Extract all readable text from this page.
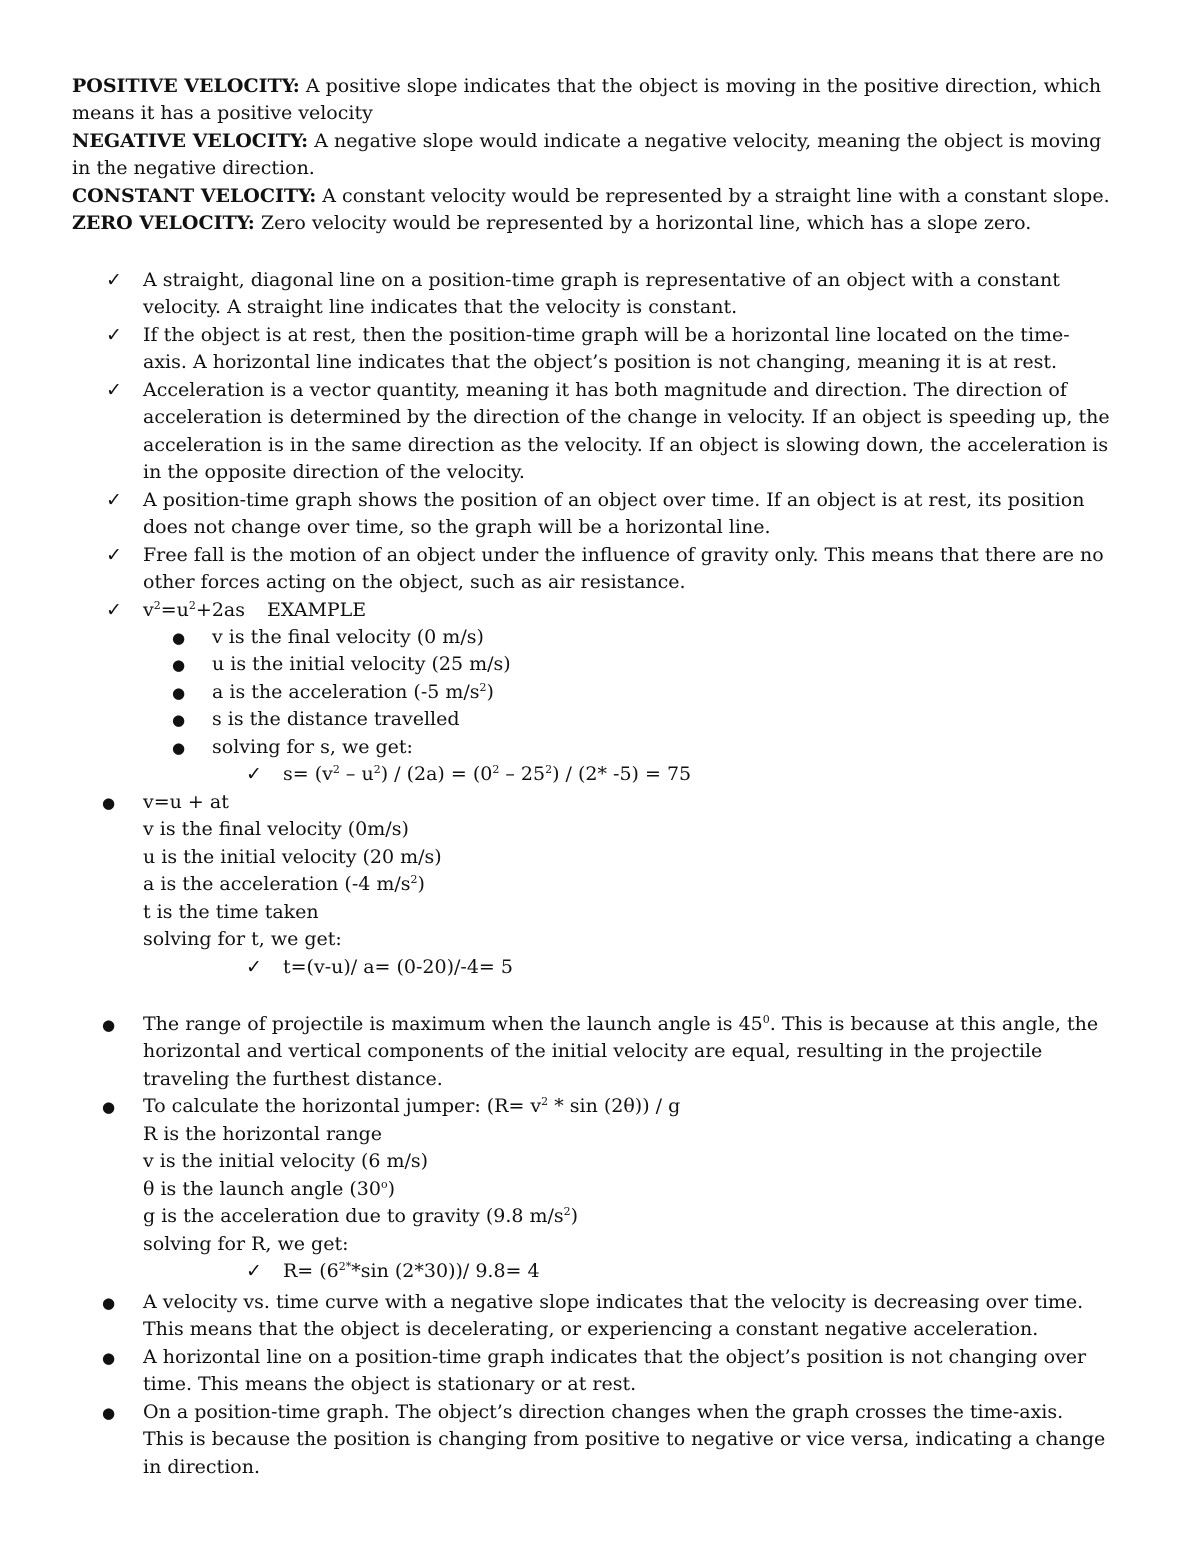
POSITIVE VELOCITY: A positive slope indicates that the object is moving in the positive direction, which
means it has a positive velocity
NEGATIVE VELOCITY: A negative slope would indicate a negative velocity, meaning the object is moving
in the negative direction.
CONSTANT VELOCITY: A constant velocity would be represented by a straight line with a constant slope.
ZERO VELOCITY: Zero velocity would be represented by a horizontal line, which has a slope zero.
✓ A straight, diagonal line on a position-time graph is representative of an object with a constant
velocity. A straight line indicates that the velocity is constant.
✓ If the object is at rest, then the position-time graph will be a horizontal line located on the time-
axis. A horizontal line indicates that the object’s position is not changing, meaning it is at rest.
✓ Acceleration is a vector quantity, meaning it has both magnitude and direction. The direction of
acceleration is determined by the direction of the change in velocity. If an object is speeding up, the
acceleration is in the same direction as the velocity. If an object is slowing down, the acceleration is
in the opposite direction of the velocity.
✓ A position-time graph shows the position of an object over time. If an object is at rest, its position
does not change over time, so the graph will be a horizontal line.
✓ Free fall is the motion of an object under the influence of gravity only. This means that there are no
other forces acting on the object, such as air resistance.
✓ $v^2=u^2+2as$ EXAMPLE
● v is the final velocity (0 m/s)
● u is the initial velocity (25 m/s)
● a is the acceleration (-5 $m/s^2$)
● s is the distance travelled
● solving for s, we get:
✓ $s= (v^2 - u^2) / (2a) = (0^2 - 25^2) / (2*$ -5) = 75
● v=u + at
v is the final velocity (0m/s)
u is the initial velocity (20 m/s)
a is the acceleration (-4 $m/s^2$)
t is the time taken
solving for t, we get:
✓ t=(v-u)/ a= (0-20)/-4= 5
● The range of projectile is maximum when the launch angle is $45^0$. This is because at this angle, the
horizontal and vertical components of the initial velocity are equal, resulting in the projectile
traveling the furthest distance.
● To calculate the horizontal jumper: $(R= v^2 * \sin (2\theta)) / g$
R is the horizontal range
v is the initial velocity (6 m/s)
θ is the launch angle (30$^o$)
g is the acceleration due to gravity (9.8 $m/s^2$)
solving for R, we get:
✓ $R= (6^{2*}*\sin$ (2*30))/ 9.8= 4
● A velocity vs. time curve with a negative slope indicates that the velocity is decreasing over time.
This means that the object is decelerating, or experiencing a constant negative acceleration.
● A horizontal line on a position-time graph indicates that the object’s position is not changing over
time. This means the object is stationary or at rest.
● On a position-time graph. The object’s direction changes when the graph crosses the time-axis.
This is because the position is changing from positive to negative or vice versa, indicating a change
in direction.
